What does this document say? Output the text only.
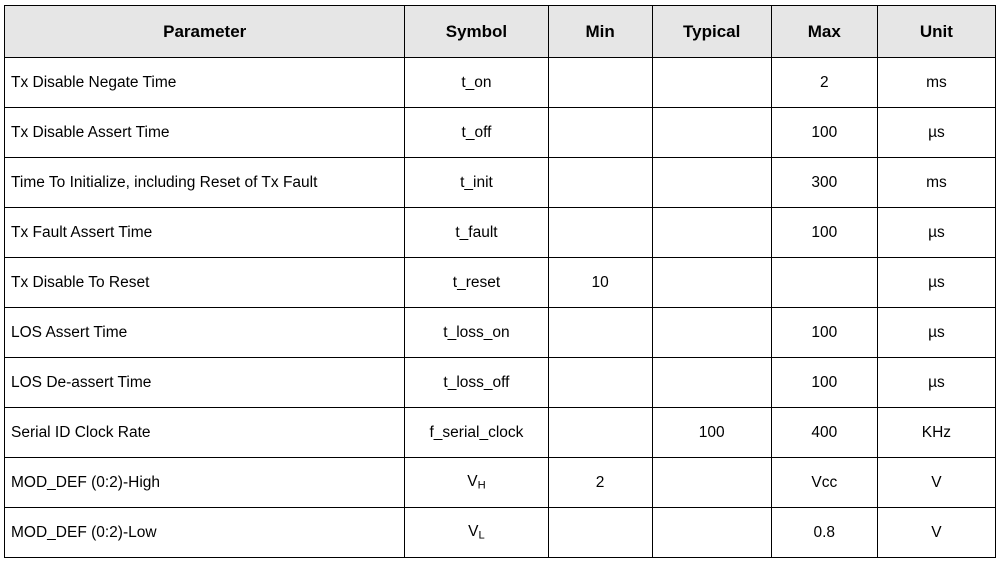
Parameter	Symbol	Min	Typical	Max	Unit
Tx Disable Negate Time	t_on			2	ms
Tx Disable Assert Time	t_off			100	µs
Time To Initialize, including Reset of Tx Fault	t_init			300	ms
Tx Fault Assert Time	t_fault			100	µs
Tx Disable To Reset	t_reset	10			µs
LOS Assert Time	t_loss_on			100	µs
LOS De-assert Time	t_loss_off			100	µs
Serial ID Clock Rate	f_serial_clock		100	400	KHz
MOD_DEF (0:2)-High	$V_H$	2		Vcc	V
MOD_DEF (0:2)-Low	$V_L$			0.8	V
